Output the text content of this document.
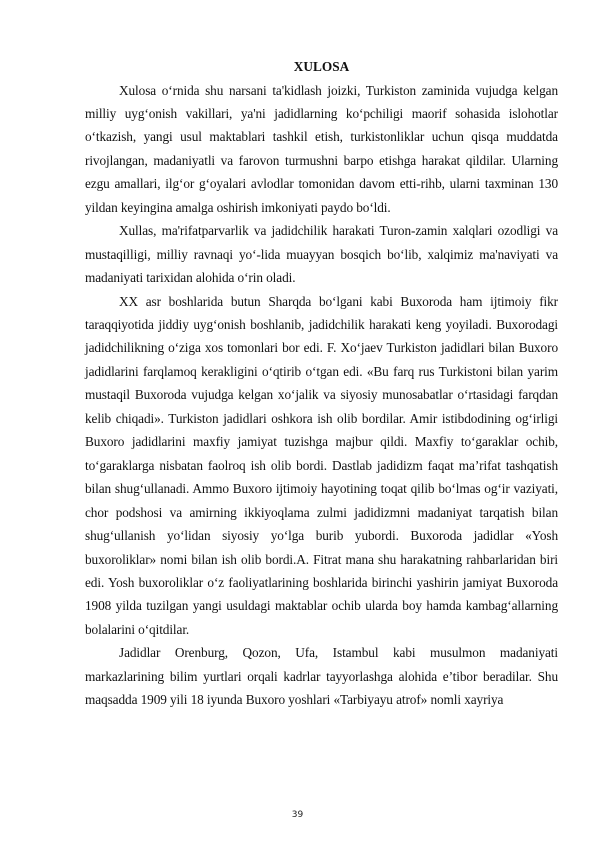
XULOSA

Xulosa o‘rnida shu narsani ta'kidlash joizki, Turkiston zaminida vujudga kelgan milliy uyg‘onish vakillari, ya'ni jadidlarning ko‘pchiligi maorif sohasida islohotlar o‘tkazish, yangi usul maktablari tashkil etish, turkistonliklar uchun qisqa muddatda rivojlangan, madaniyatli va farovon turmushni barpo etishga harakat qildilar. Ularning ezgu amallari, ilg‘or g‘oyalari avlodlar tomonidan davom etti-rihb, ularni taxminan 130 yildan keyingina amalga oshirish imkoniyati paydo bo‘ldi.

Xullas, ma'rifatparvarlik va jadidchilik harakati Turon-zamin xalqlari ozodligi va mustaqilligi, milliy ravnaqi yo‘-lida muayyan bosqich bo‘lib, xalqimiz ma'naviyati va madaniyati tarixidan alohida o‘rin oladi.

XX asr boshlarida butun Sharqda bo‘lgani kabi Buxoroda ham ijtimoiy fikr taraqqiyotida jiddiy uyg‘onish boshlanib, jadidchilik harakati keng yoyiladi. Buxorodagi jadidchilikning o‘ziga xos tomonlari bor edi. F. Xo‘jaev Turkiston jadidlari bilan Buxoro jadidlarini farqlamoq kerakligini o‘qtirib o‘tgan edi. «Bu farq rus Turkistoni bilan yarim mustaqil Buxoroda vujudga kelgan xo‘jalik va siyosiy munosabatlar o‘rtasidagi farqdan kelib chiqadi». Turkiston jadidlari oshkora ish olib bordilar. Amir istibdodining og‘irligi Buxoro jadidlarini maxfiy jamiyat tuzishga majbur qildi. Maxfiy to‘garaklar ochib, to‘garaklarga nisbatan faolroq ish olib bordi. Dastlab jadidizm faqat ma’rifat tashqatish bilan shug‘ullanadi. Ammo Buxoro ijtimoiy hayotining toqat qilib bo‘lmas og‘ir vaziyati, chor podshosi va amirning ikkiyoqlama zulmi jadidizmni madaniyat tarqatish bilan shug‘ullanish yo‘lidan siyosiy yo‘lga burib yubordi. Buxoroda jadidlar «Yosh buxoroliklar» nomi bilan ish olib bordi.A. Fitrat mana shu harakatning rahbarlaridan biri edi. Yosh buxoroliklar o‘z faoliyatlarining boshlarida birinchi yashirin jamiyat Buxoroda 1908 yilda tuzilgan yangi usuldagi maktablar ochib ularda boy hamda kambag‘allarning bolalarini o‘qitdilar.

Jadidlar Orenburg, Qozon, Ufa, Istambul kabi musulmon madaniyati markazlarining bilim yurtlari orqali kadrlar tayyorlashga alohida e’tibor beradilar. Shu maqsadda 1909 yili 18 iyunda Buxoro yoshlari «Tarbiyayu atrof» nomli xayriya

39
